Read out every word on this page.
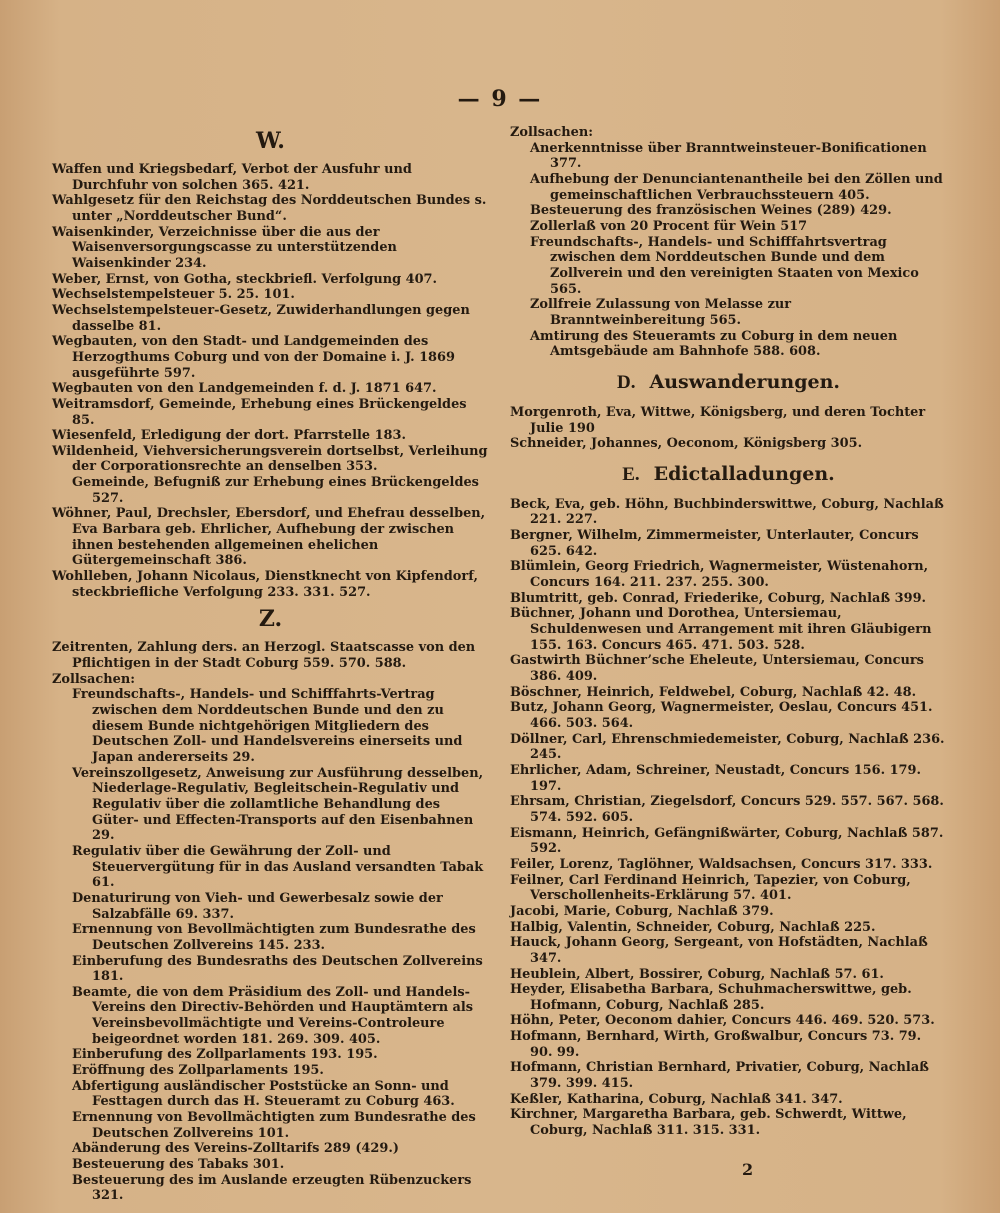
— 9 —
W.
Waffen und Kriegsbedarf, Verbot der Ausfuhr und Durchfuhr von solchen 365. 421.
Wahlgesetz für den Reichstag des Norddeutschen Bundes s. unter „Norddeutscher Bund“.
Waisenkinder, Verzeichnisse über die aus der Waisenversorgungscasse zu unterstützenden Waisenkinder 234.
Weber, Ernst, von Gotha, steckbriefl. Verfolgung 407.
Wechselstempelsteuer 5. 25. 101.
Wechselstempelsteuer-Gesetz, Zuwiderhandlungen gegen dasselbe 81.
Wegbauten, von den Stadt- und Landgemeinden des Herzogthums Coburg und von der Domaine i. J. 1869 ausgeführte 597.
Wegbauten von den Landgemeinden f. d. J. 1871 647.
Weitramsdorf, Gemeinde, Erhebung eines Brückengeldes 85.
Wiesenfeld, Erledigung der dort. Pfarrstelle 183.
Wildenheid, Viehversicherungsverein dortselbst, Verleihung der Corporationsrechte an denselben 353.
Gemeinde, Befugniß zur Erhebung eines Brückengeldes 527.
Wöhner, Paul, Drechsler, Ebersdorf, und Ehefrau desselben, Eva Barbara geb. Ehrlicher, Aufhebung der zwischen ihnen bestehenden allgemeinen ehelichen Gütergemeinschaft 386.
Wohlleben, Johann Nicolaus, Dienstknecht von Kipfendorf, steckbriefliche Verfolgung 233. 331. 527.
Z.
Zeitrenten, Zahlung ders. an Herzogl. Staatscasse von den Pflichtigen in der Stadt Coburg 559. 570. 588.
Zollsachen:
Freundschafts-, Handels- und Schifffahrts-Vertrag zwischen dem Norddeutschen Bunde und den zu diesem Bunde nichtgehörigen Mitgliedern des Deutschen Zoll- und Handelsvereins einerseits und Japan andererseits 29.
Vereinszollgesetz, Anweisung zur Ausführung desselben, Niederlage-Regulativ, Begleitschein-Regulativ und Regulativ über die zollamtliche Behandlung des Güter- und Effecten-Transports auf den Eisenbahnen 29.
Regulativ über die Gewährung der Zoll- und Steuervergütung für in das Ausland versandten Tabak 61.
Denaturirung von Vieh- und Gewerbesalz sowie der Salzabfälle 69. 337.
Ernennung von Bevollmächtigten zum Bundesrathe des Deutschen Zollvereins 145. 233.
Einberufung des Bundesraths des Deutschen Zollvereins 181.
Beamte, die von dem Präsidium des Zoll- und Handels-Vereins den Directiv-Behörden und Hauptämtern als Vereinsbevollmächtigte und Vereins-Controleure beigeordnet worden 181. 269. 309. 405.
Einberufung des Zollparlaments 193. 195.
Eröffnung des Zollparlaments 195.
Abfertigung ausländischer Poststücke an Sonn- und Festtagen durch das H. Steueramt zu Coburg 463.
Ernennung von Bevollmächtigten zum Bundesrathe des Deutschen Zollvereins 101.
Abänderung des Vereins-Zolltarifs 289 (429.)
Besteuerung des Tabaks 301.
Besteuerung des im Auslande erzeugten Rübenzuckers 321.
Zollsachen:
Anerkenntnisse über Branntweinsteuer-Bonificationen 377.
Aufhebung der Denunciantenantheile bei den Zöllen und gemeinschaftlichen Verbrauchssteuern 405.
Besteuerung des französischen Weines (289) 429.
Zollerlaß von 20 Procent für Wein 517
Freundschafts-, Handels- und Schifffahrtsvertrag zwischen dem Norddeutschen Bunde und dem Zollverein und den vereinigten Staaten von Mexico 565.
Zollfreie Zulassung von Melasse zur Branntweinbereitung 565.
Amtirung des Steueramts zu Coburg in dem neuen Amtsgebäude am Bahnhofe 588. 608.
D. Auswanderungen.
Morgenroth, Eva, Wittwe, Königsberg, und deren Tochter Julie 190
Schneider, Johannes, Oeconom, Königsberg 305.
E. Edictalladungen.
Beck, Eva, geb. Höhn, Buchbinderswittwe, Coburg, Nachlaß 221. 227.
Bergner, Wilhelm, Zimmermeister, Unterlauter, Concurs 625. 642.
Blümlein, Georg Friedrich, Wagnermeister, Wüstenahorn, Concurs 164. 211. 237. 255. 300.
Blumtritt, geb. Conrad, Friederike, Coburg, Nachlaß 399.
Büchner, Johann und Dorothea, Untersiemau, Schuldenwesen und Arrangement mit ihren Gläubigern 155. 163. Concurs 465. 471. 503. 528.
Gastwirth Büchner’sche Eheleute, Untersiemau, Concurs 386. 409.
Böschner, Heinrich, Feldwebel, Coburg, Nachlaß 42. 48.
Butz, Johann Georg, Wagnermeister, Oeslau, Concurs 451. 466. 503. 564.
Döllner, Carl, Ehrenschmiedemeister, Coburg, Nachlaß 236. 245.
Ehrlicher, Adam, Schreiner, Neustadt, Concurs 156. 179. 197.
Ehrsam, Christian, Ziegelsdorf, Concurs 529. 557. 567. 568. 574. 592. 605.
Eismann, Heinrich, Gefängnißwärter, Coburg, Nachlaß 587. 592.
Feiler, Lorenz, Taglöhner, Waldsachsen, Concurs 317. 333.
Feilner, Carl Ferdinand Heinrich, Tapezier, von Coburg, Verschollenheits-Erklärung 57. 401.
Jacobi, Marie, Coburg, Nachlaß 379.
Halbig, Valentin, Schneider, Coburg, Nachlaß 225.
Hauck, Johann Georg, Sergeant, von Hofstädten, Nachlaß 347.
Heublein, Albert, Bossirer, Coburg, Nachlaß 57. 61.
Heyder, Elisabetha Barbara, Schuhmacherswittwe, geb. Hofmann, Coburg, Nachlaß 285.
Höhn, Peter, Oeconom dahier, Concurs 446. 469. 520. 573.
Hofmann, Bernhard, Wirth, Großwalbur, Concurs 73. 79. 90. 99.
Hofmann, Christian Bernhard, Privatier, Coburg, Nachlaß 379. 399. 415.
Keßler, Katharina, Coburg, Nachlaß 341. 347.
Kirchner, Margaretha Barbara, geb. Schwerdt, Wittwe, Coburg, Nachlaß 311. 315. 331.
2
